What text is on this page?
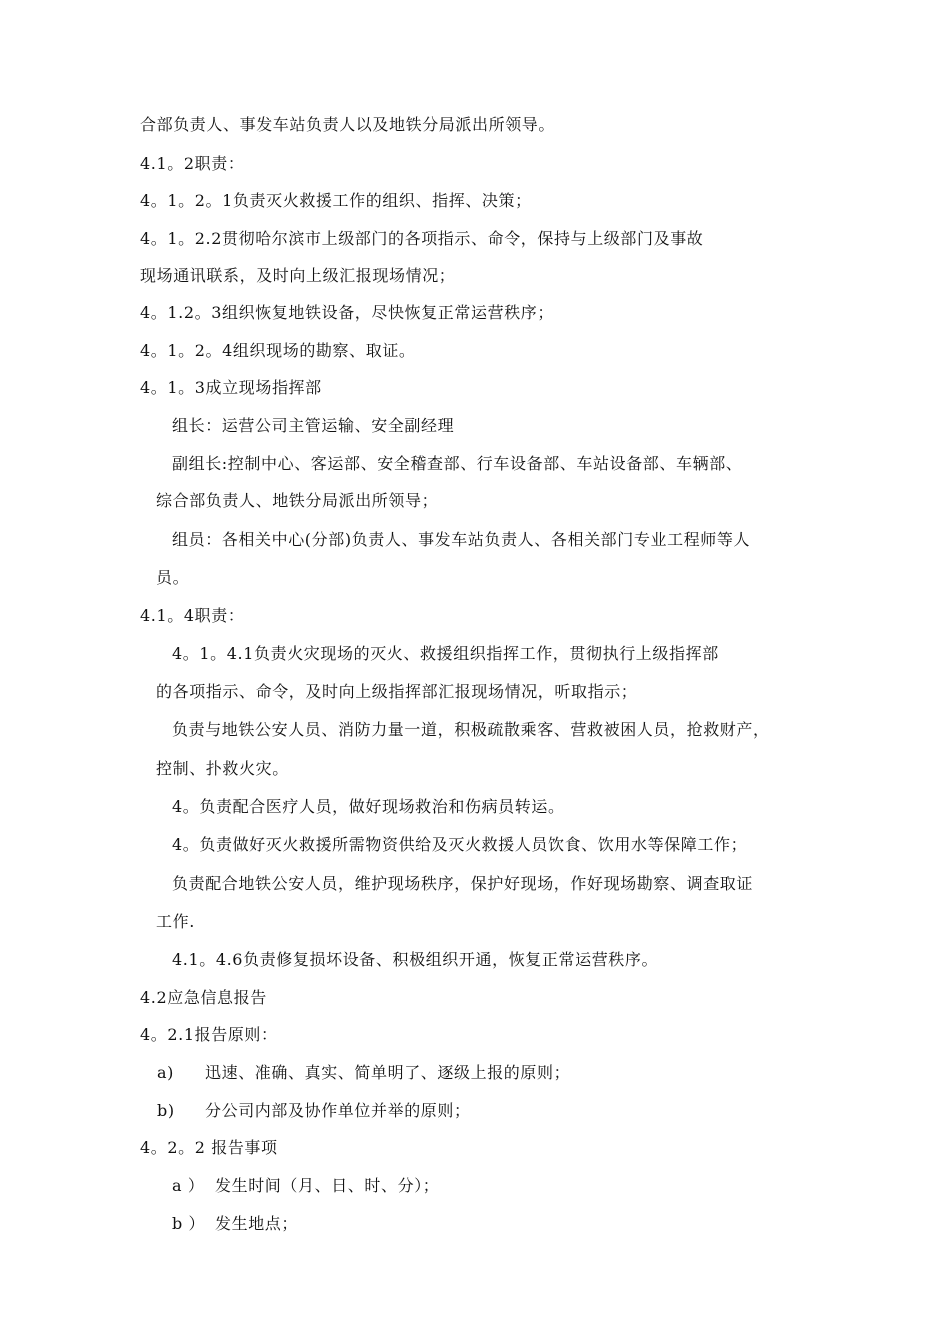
合部负责人、事发车站负责人以及地铁分局派出所领导。
4.1。2职责：
4。1。2。1负责灭火救援工作的组织、指挥、决策；
4。1。2.2贯彻哈尔滨市上级部门的各项指示、命令，保持与上级部门及事故
现场通讯联系，及时向上级汇报现场情况；
4。1.2。3组织恢复地铁设备，尽快恢复正常运营秩序；
4。1。2。4组织现场的勘察、取证。
4。1。3成立现场指挥部
组长：运营公司主管运输、安全副经理
副组长:控制中心、客运部、安全稽查部、行车设备部、车站设备部、车辆部、
综合部负责人、地铁分局派出所领导；
组员：各相关中心(分部)负责人、事发车站负责人、各相关部门专业工程师等人
员。
4.1。4职责：
4。1。4.1负责火灾现场的灭火、救援组织指挥工作，贯彻执行上级指挥部
的各项指示、命令，及时向上级指挥部汇报现场情况，听取指示；
负责与地铁公安人员、消防力量一道，积极疏散乘客、营救被困人员，抢救财产，
控制、扑救火灾。
4。负责配合医疗人员，做好现场救治和伤病员转运。
4。负责做好灭火救援所需物资供给及灭火救援人员饮食、饮用水等保障工作；
负责配合地铁公安人员，维护现场秩序，保护好现场，作好现场勘察、调查取证
工作.
4.1。4.6负责修复损坏设备、积极组织开通，恢复正常运营秩序。
4.2应急信息报告
4。2.1报告原则：
a) 迅速、准确、真实、简单明了、逐级上报的原则；
b) 分公司内部及协作单位并举的原则；
4。2。2 报告事项
a ） 发生时间（月、日、时、分）；
b ） 发生地点；
